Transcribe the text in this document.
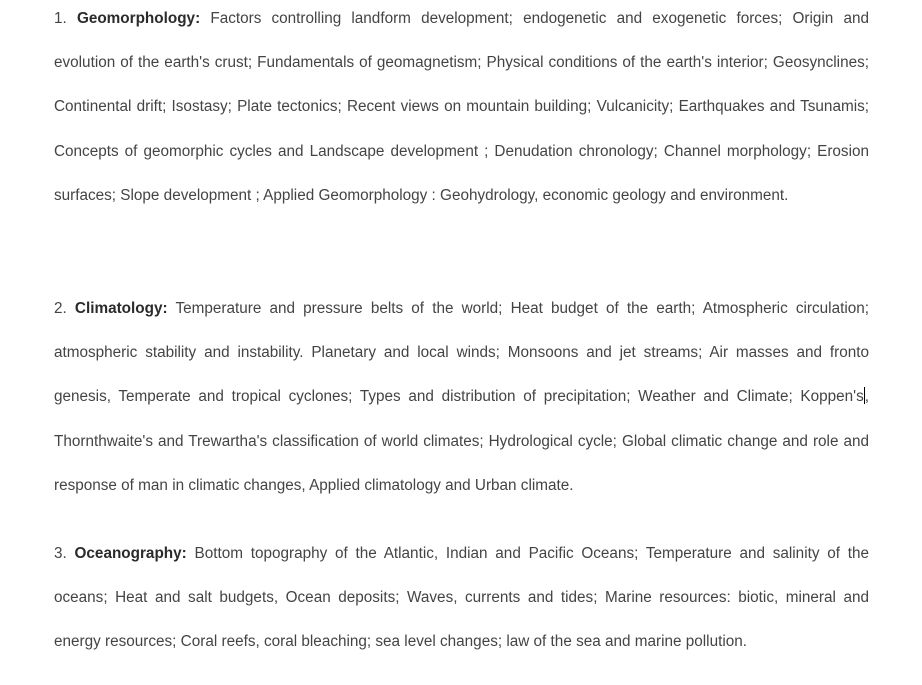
1. Geomorphology: Factors controlling landform development; endogenetic and exogenetic forces; Origin and evolution of the earth's crust; Fundamentals of geomagnetism; Physical conditions of the earth's interior; Geosynclines; Continental drift; Isostasy; Plate tectonics; Recent views on mountain building; Vulcanicity; Earthquakes and Tsunamis; Concepts of geomorphic cycles and Landscape development ; Denudation chronology; Channel morphology; Erosion surfaces; Slope development ; Applied Geomorphology : Geohydrology, economic geology and environment.

2. Climatology: Temperature and pressure belts of the world; Heat budget of the earth; Atmospheric circulation; atmospheric stability and instability. Planetary and local winds; Monsoons and jet streams; Air masses and fronto genesis, Temperate and tropical cyclones; Types and distribution of precipitation; Weather and Climate; Koppen's, Thornthwaite's and Trewartha's classification of world climates; Hydrological cycle; Global climatic change and role and response of man in climatic changes, Applied climatology and Urban climate.

3. Oceanography: Bottom topography of the Atlantic, Indian and Pacific Oceans; Temperature and salinity of the oceans; Heat and salt budgets, Ocean deposits; Waves, currents and tides; Marine resources: biotic, mineral and energy resources; Coral reefs, coral bleaching; sea level changes; law of the sea and marine pollution.
